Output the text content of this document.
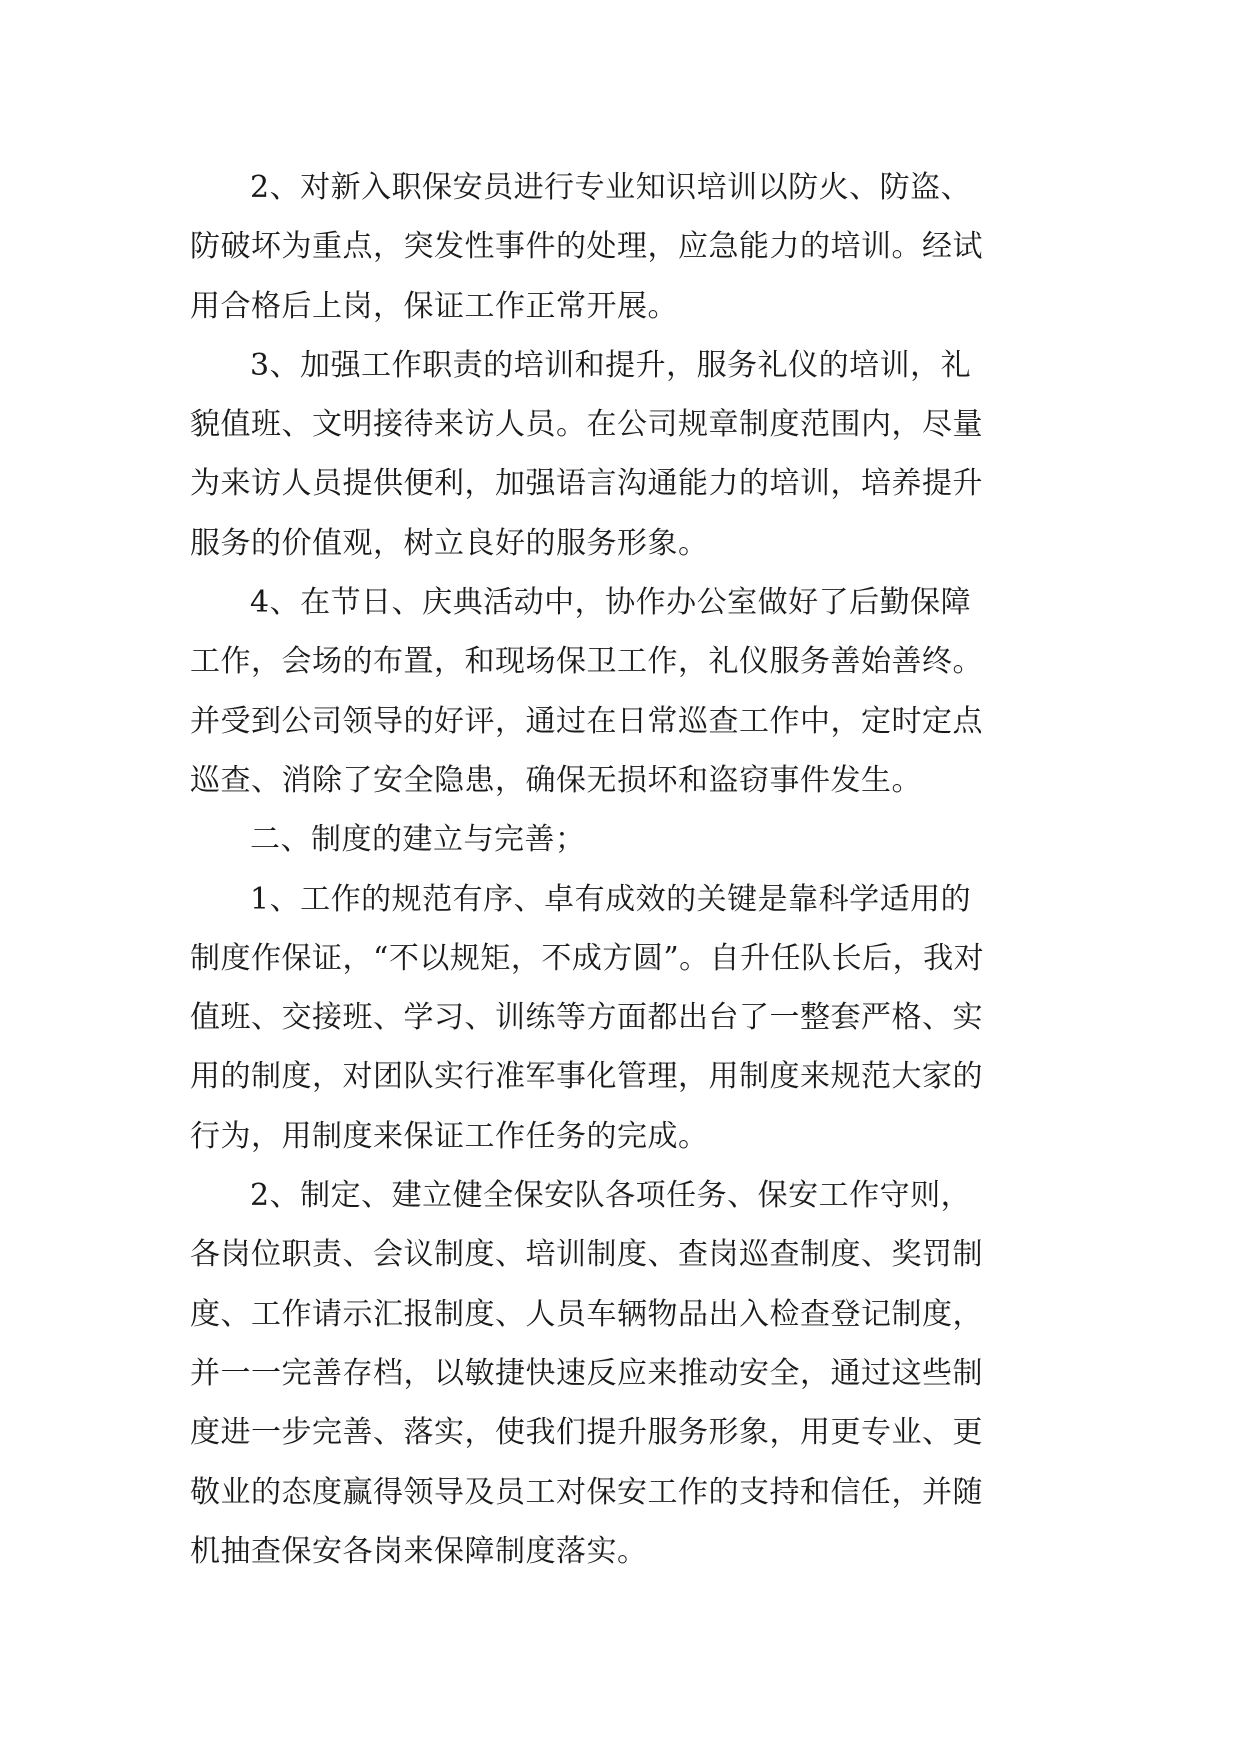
2、对新入职保安员进行专业知识培训以防火、防盗、
防破坏为重点，突发性事件的处理，应急能力的培训。经试
用合格后上岗，保证工作正常开展。

3、加强工作职责的培训和提升，服务礼仪的培训，礼
貌值班、文明接待来访人员。在公司规章制度范围内，尽量
为来访人员提供便利，加强语言沟通能力的培训，培养提升
服务的价值观，树立良好的服务形象。

4、在节日、庆典活动中，协作办公室做好了后勤保障
工作，会场的布置，和现场保卫工作，礼仪服务善始善终。
并受到公司领导的好评，通过在日常巡查工作中，定时定点
巡查、消除了安全隐患，确保无损坏和盗窃事件发生。

二、制度的建立与完善；

1、工作的规范有序、卓有成效的关键是靠科学适用的
制度作保证，“不以规矩，不成方圆”。自升任队长后，我对
值班、交接班、学习、训练等方面都出台了一整套严格、实
用的制度，对团队实行准军事化管理，用制度来规范大家的
行为，用制度来保证工作任务的完成。

2、制定、建立健全保安队各项任务、保安工作守则，
各岗位职责、会议制度、培训制度、查岗巡查制度、奖罚制
度、工作请示汇报制度、人员车辆物品出入检查登记制度，
并一一完善存档，以敏捷快速反应来推动安全，通过这些制
度进一步完善、落实，使我们提升服务形象，用更专业、更
敬业的态度赢得领导及员工对保安工作的支持和信任，并随
机抽查保安各岗来保障制度落实。
